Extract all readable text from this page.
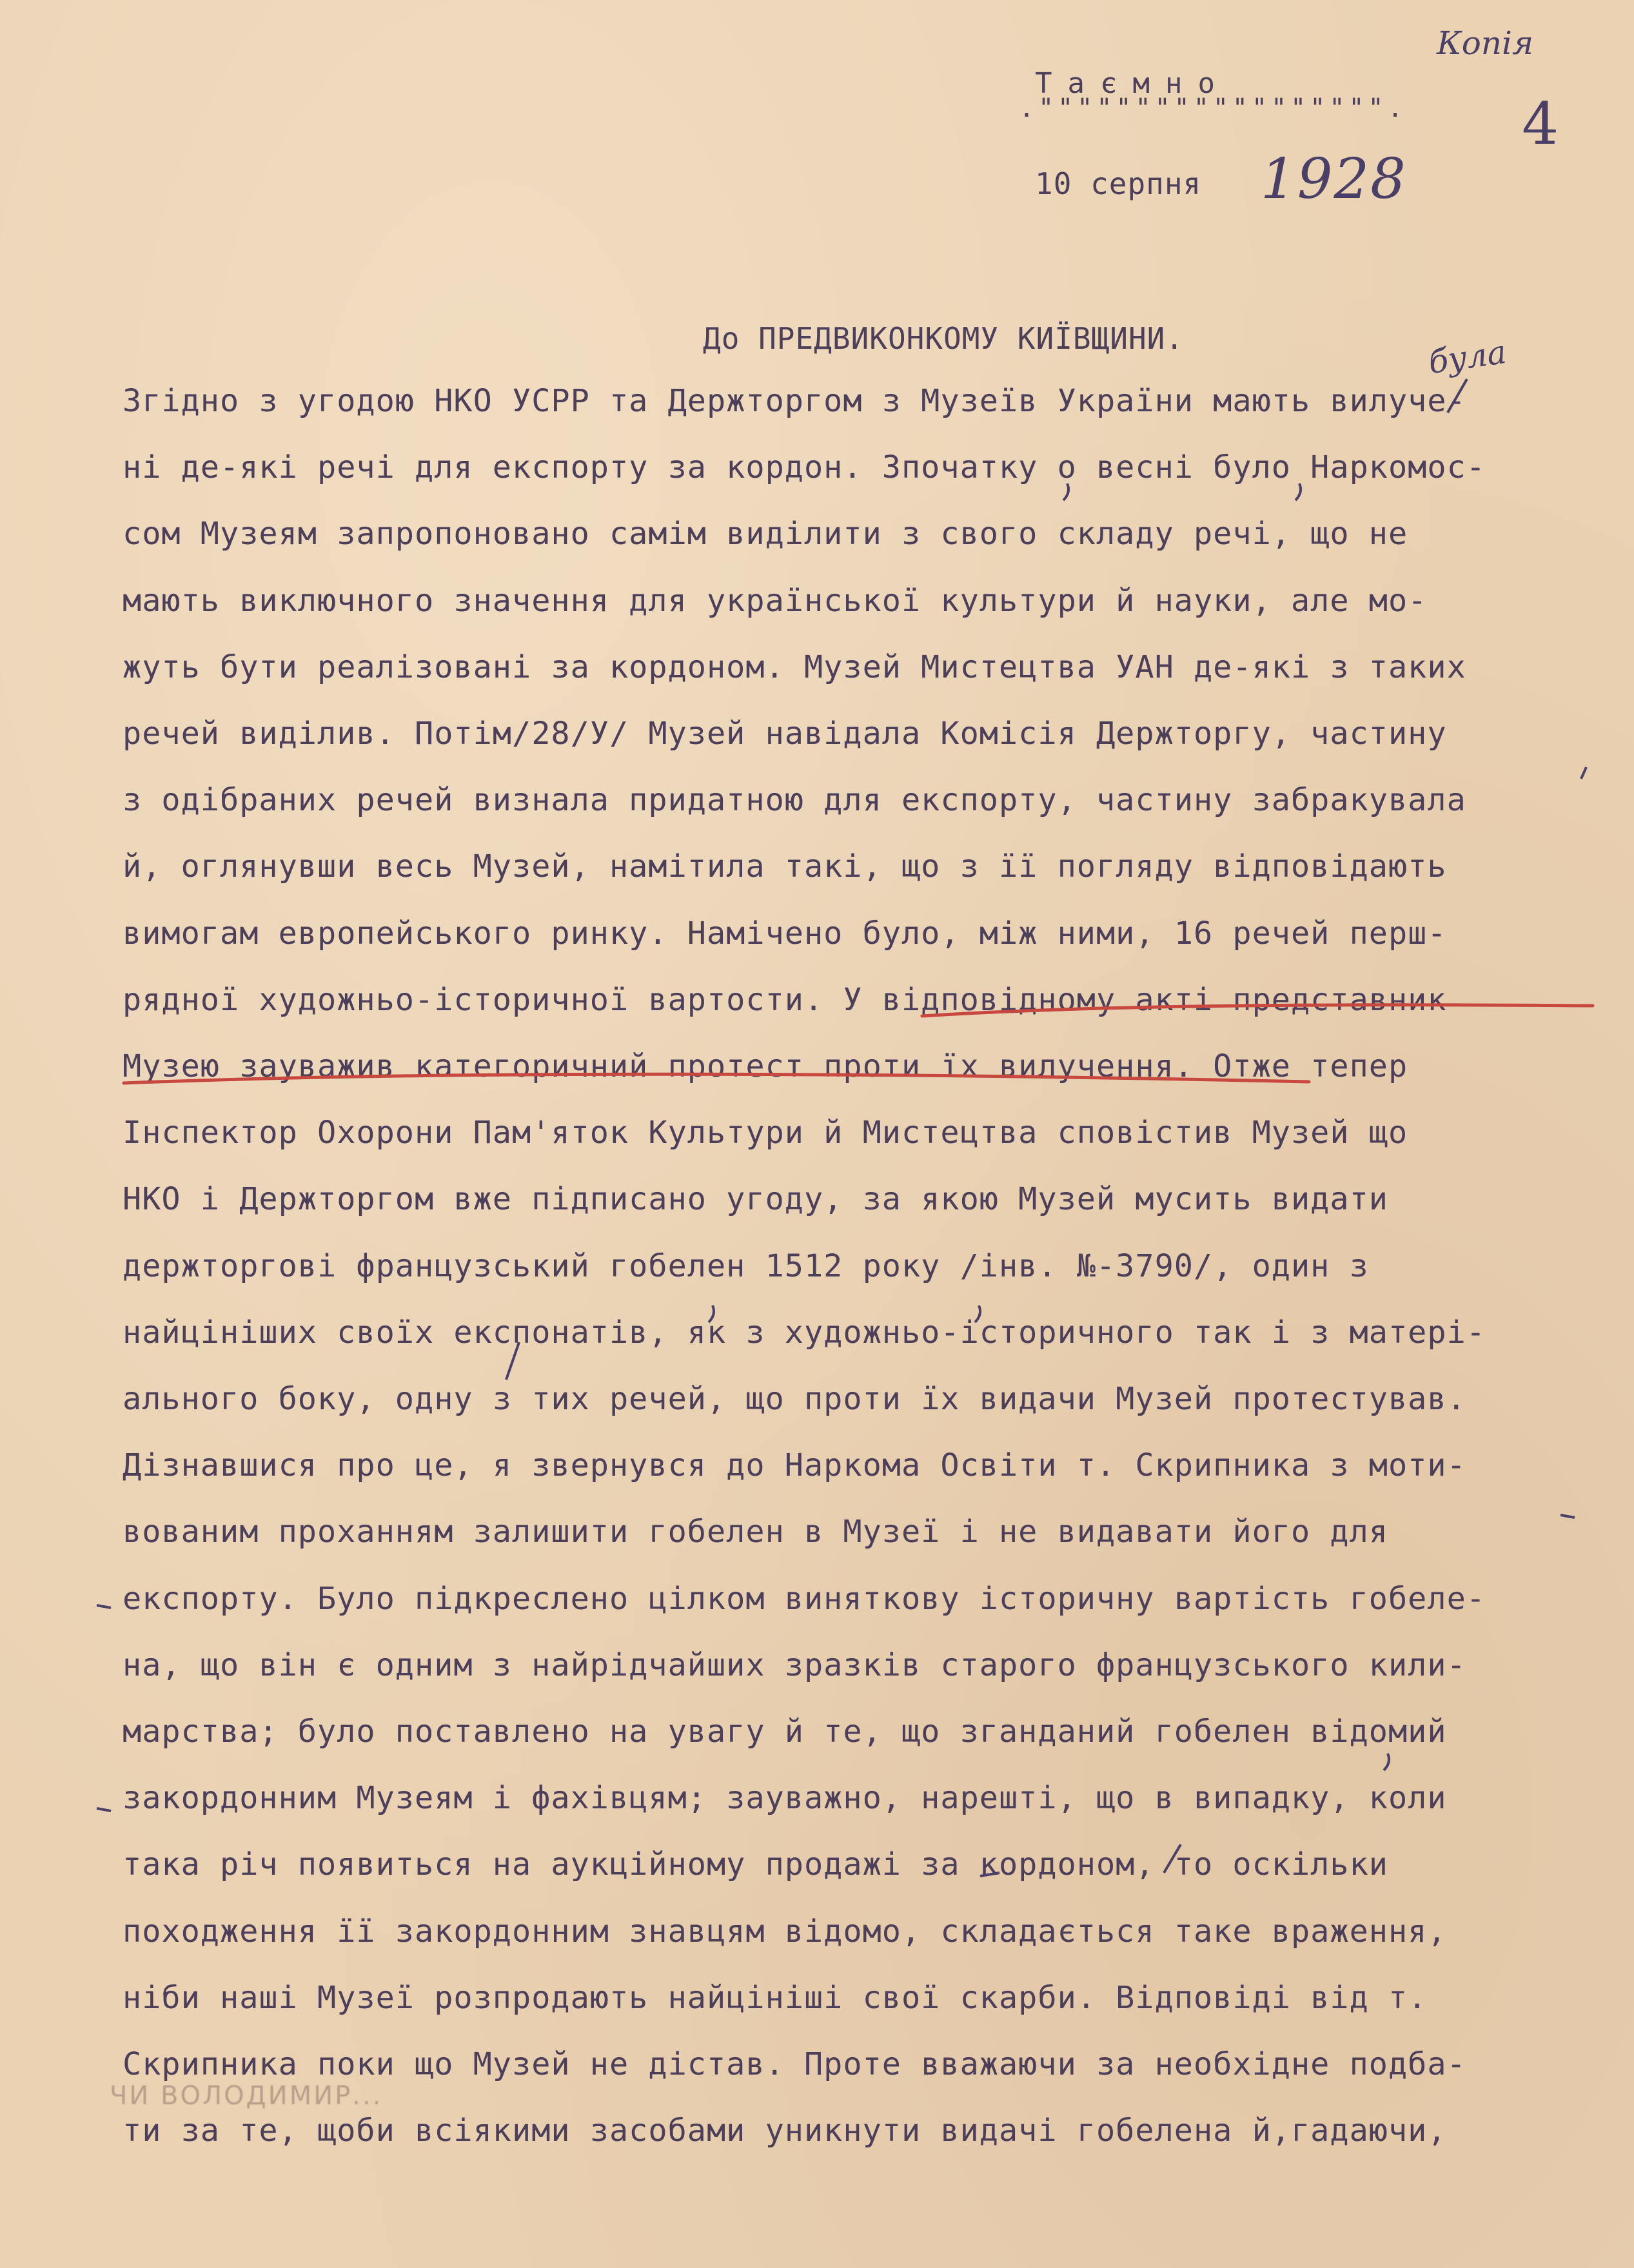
Копія
4
Таємно
."""""""""""""""""".
10 серпня 1928
До ПРЕДВИКОНКОМУ КИЇВЩИНИ.
Згідно з угодою НКО УСРР та Держторгом з Музеїв України мають вилуче-
ні де-які речі для експорту за кордон. Зпочатку о весні було Наркомос-
сом Музеям запропоновано самім виділити з свого складу речі, що не
мають виключного значення для української культури й науки, але мо-
жуть бути реалізовані за кордоном. Музей Мистецтва УАН де-які з таких
речей виділив. Потім/28/У/ Музей навідала Комісія Держторгу, частину
з одібраних речей визнала придатною для експорту, частину забракувала
й, оглянувши весь Музей, намітила такі, що з її погляду відповідають
вимогам европейського ринку. Намічено було, між ними, 16 речей перш-
рядної художньо-історичної вартости. У відповідному акті представник
Музею зауважив категоричний протест проти їх вилучення. Отже тепер
Інспектор Охорони Пам'яток Культури й Мистецтва сповістив Музей що
НКО і Держторгом вже підписано угоду, за якою Музей мусить видати
держторгові французський гобелен 1512 року /інв. №-3790/, один з
найцініших своїх експонатів, як з художньо-історичного так і з матері-
ального боку, одну з тих речей, що проти їх видачи Музей протестував.
Дізнавшися про це, я звернувся до Наркома Освіти т. Скрипника з моти-
вованим проханням залишити гобелен в Музеї і не видавати його для
експорту. Було підкреслено цілком виняткову історичну вартість гобеле-
на, що він є одним з найрідчайших зразків старого французського кили-
марства; було поставлено на увагу й те, що зганданий гобелен відомий
закордонним Музеям і фахівцям; зауважно, нарешті, що в випадку, коли
така річ появиться на аукційному продажі за кордоном, то оскільки
походження її закордонним знавцям відомо, складається таке враження,
ніби наші Музеї розпродають найцініші свої скарби. Відповіді від т.
Скрипника поки що Музей не дістав. Проте вважаючи за необхідне подба-
ти за те, щоби всіякими засобами уникнути видачі гобелена й,гадаючи,
була
ЧИ ВОЛОДИМИР...
